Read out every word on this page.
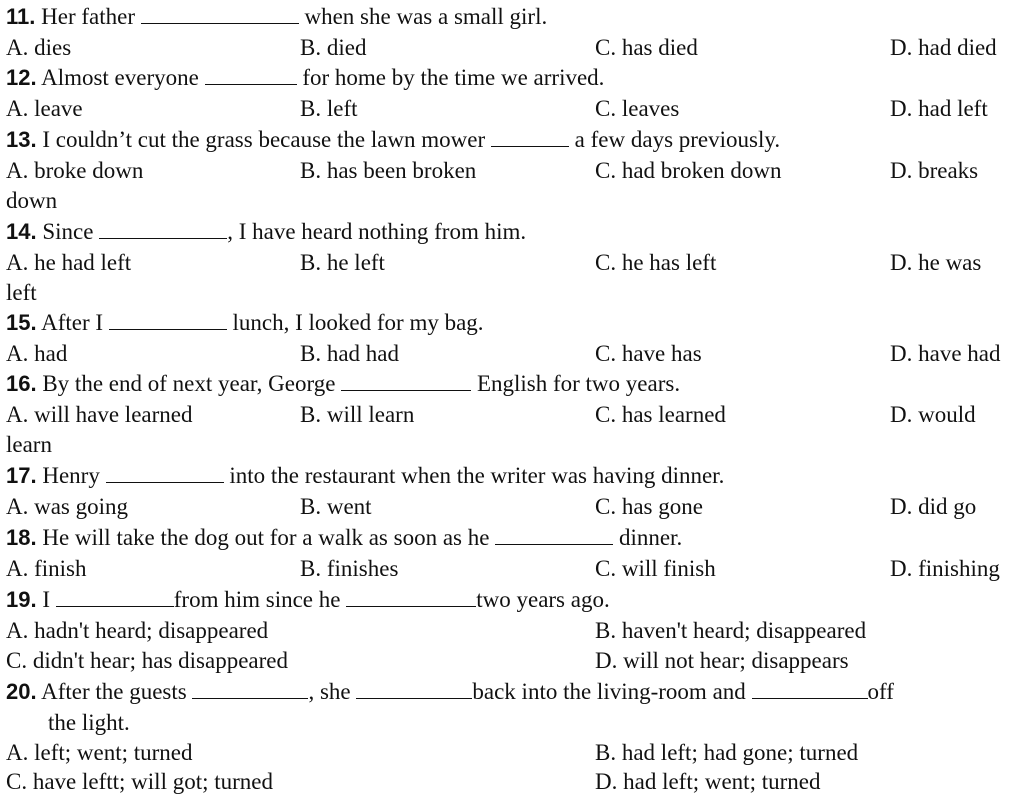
11. Her father	when she was a small girl.
A. dies	B. died	C. has died	D. had died
12. Almost everyone	for home by the time we arrived.
A. leave	B. left	C. leaves	D. had left
13. I couldn’t cut the grass because the lawn mower	a few days previously.
A. broke down	B. has been broken	C. had broken down	D. breaks
down
14. Since	, I have heard nothing from him.
A. he had left	B. he left	C. he has left	D. he was
left
15. After I	lunch, I looked for my bag.
A. had	B. had had	C. have has	D. have had
16. By the end of next year, George	English for two years.
A. will have learned	B. will learn	C. has learned	D. would
learn
17. Henry	into the restaurant when the writer was having dinner.
A. was going	B. went	C. has gone	D. did go
18. He will take the dog out for a walk as soon as he	dinner.
A. finish	B. finishes	C. will finish	D. finishing
19. I	from him since he	two years ago.
A. hadn't heard; disappeared	B. haven't heard; disappeared
C. didn't hear; has disappeared	D. will not hear; disappears
20. After the guests	, she	back into the living-room and	off
the light.
A. left; went; turned	B. had left; had gone; turned
C. have leftt; will got; turned	D. had left; went; turned
